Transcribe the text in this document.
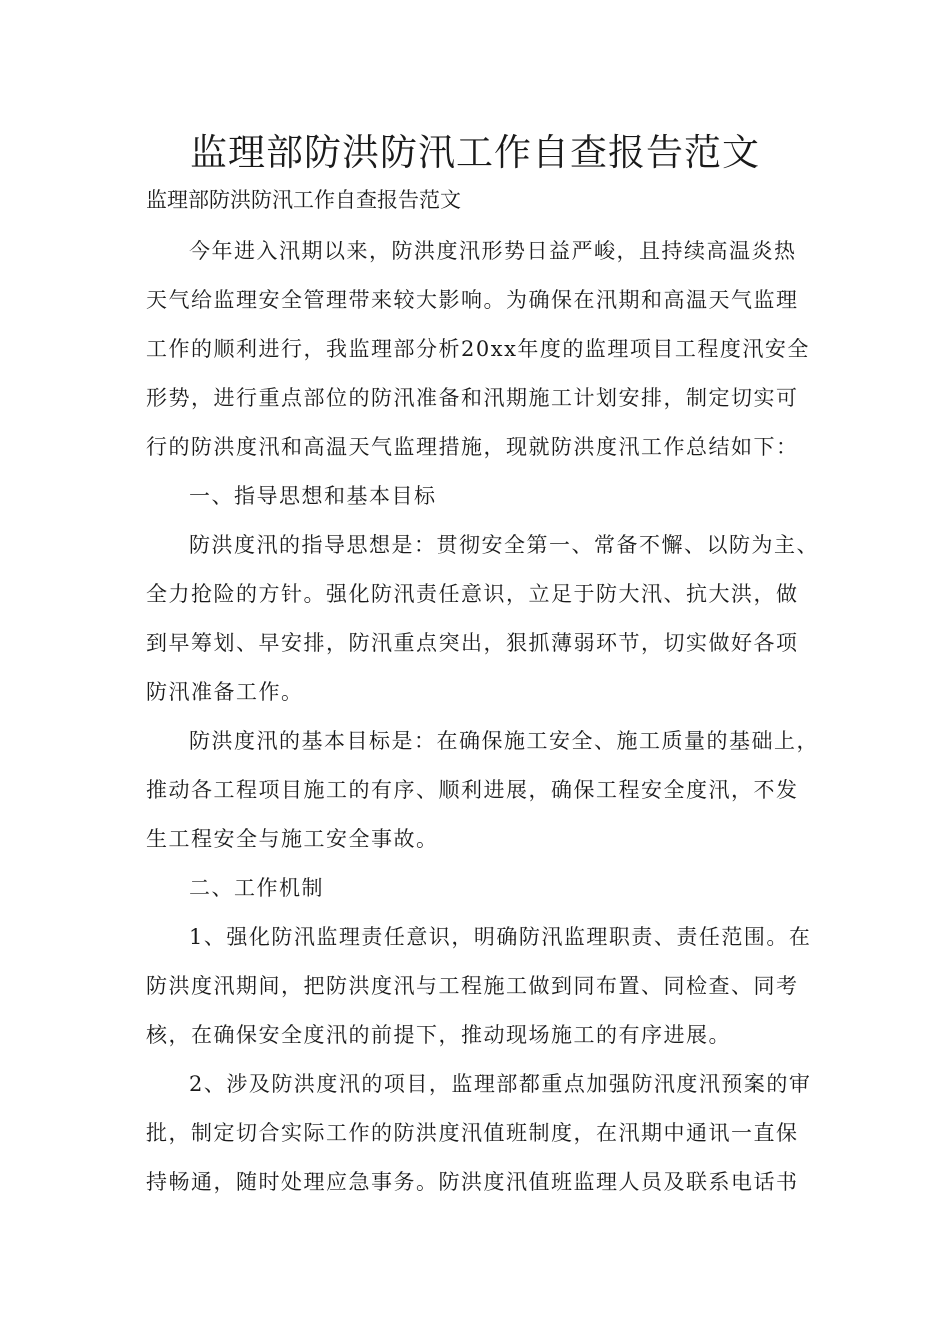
监理部防洪防汛工作自查报告范文

监理部防洪防汛工作自查报告范文

今年进入汛期以来，防洪度汛形势日益严峻，且持续高温炎热
天气给监理安全管理带来较大影响。为确保在汛期和高温天气监理
工作的顺利进行，我监理部分析20xx年度的监理项目工程度汛安全
形势，进行重点部位的防汛准备和汛期施工计划安排，制定切实可
行的防洪度汛和高温天气监理措施，现就防洪度汛工作总结如下：
一、指导思想和基本目标
防洪度汛的指导思想是：贯彻安全第一、常备不懈、以防为主、
全力抢险的方针。强化防汛责任意识，立足于防大汛、抗大洪，做
到早筹划、早安排，防汛重点突出，狠抓薄弱环节，切实做好各项
防汛准备工作。
防洪度汛的基本目标是：在确保施工安全、施工质量的基础上，
推动各工程项目施工的有序、顺利进展，确保工程安全度汛，不发
生工程安全与施工安全事故。
二、工作机制
1、强化防汛监理责任意识，明确防汛监理职责、责任范围。在
防洪度汛期间，把防洪度汛与工程施工做到同布置、同检查、同考
核，在确保安全度汛的前提下，推动现场施工的有序进展。
2、涉及防洪度汛的项目，监理部都重点加强防汛度汛预案的审
批，制定切合实际工作的防洪度汛值班制度，在汛期中通讯一直保
持畅通，随时处理应急事务。防洪度汛值班监理人员及联系电话书
